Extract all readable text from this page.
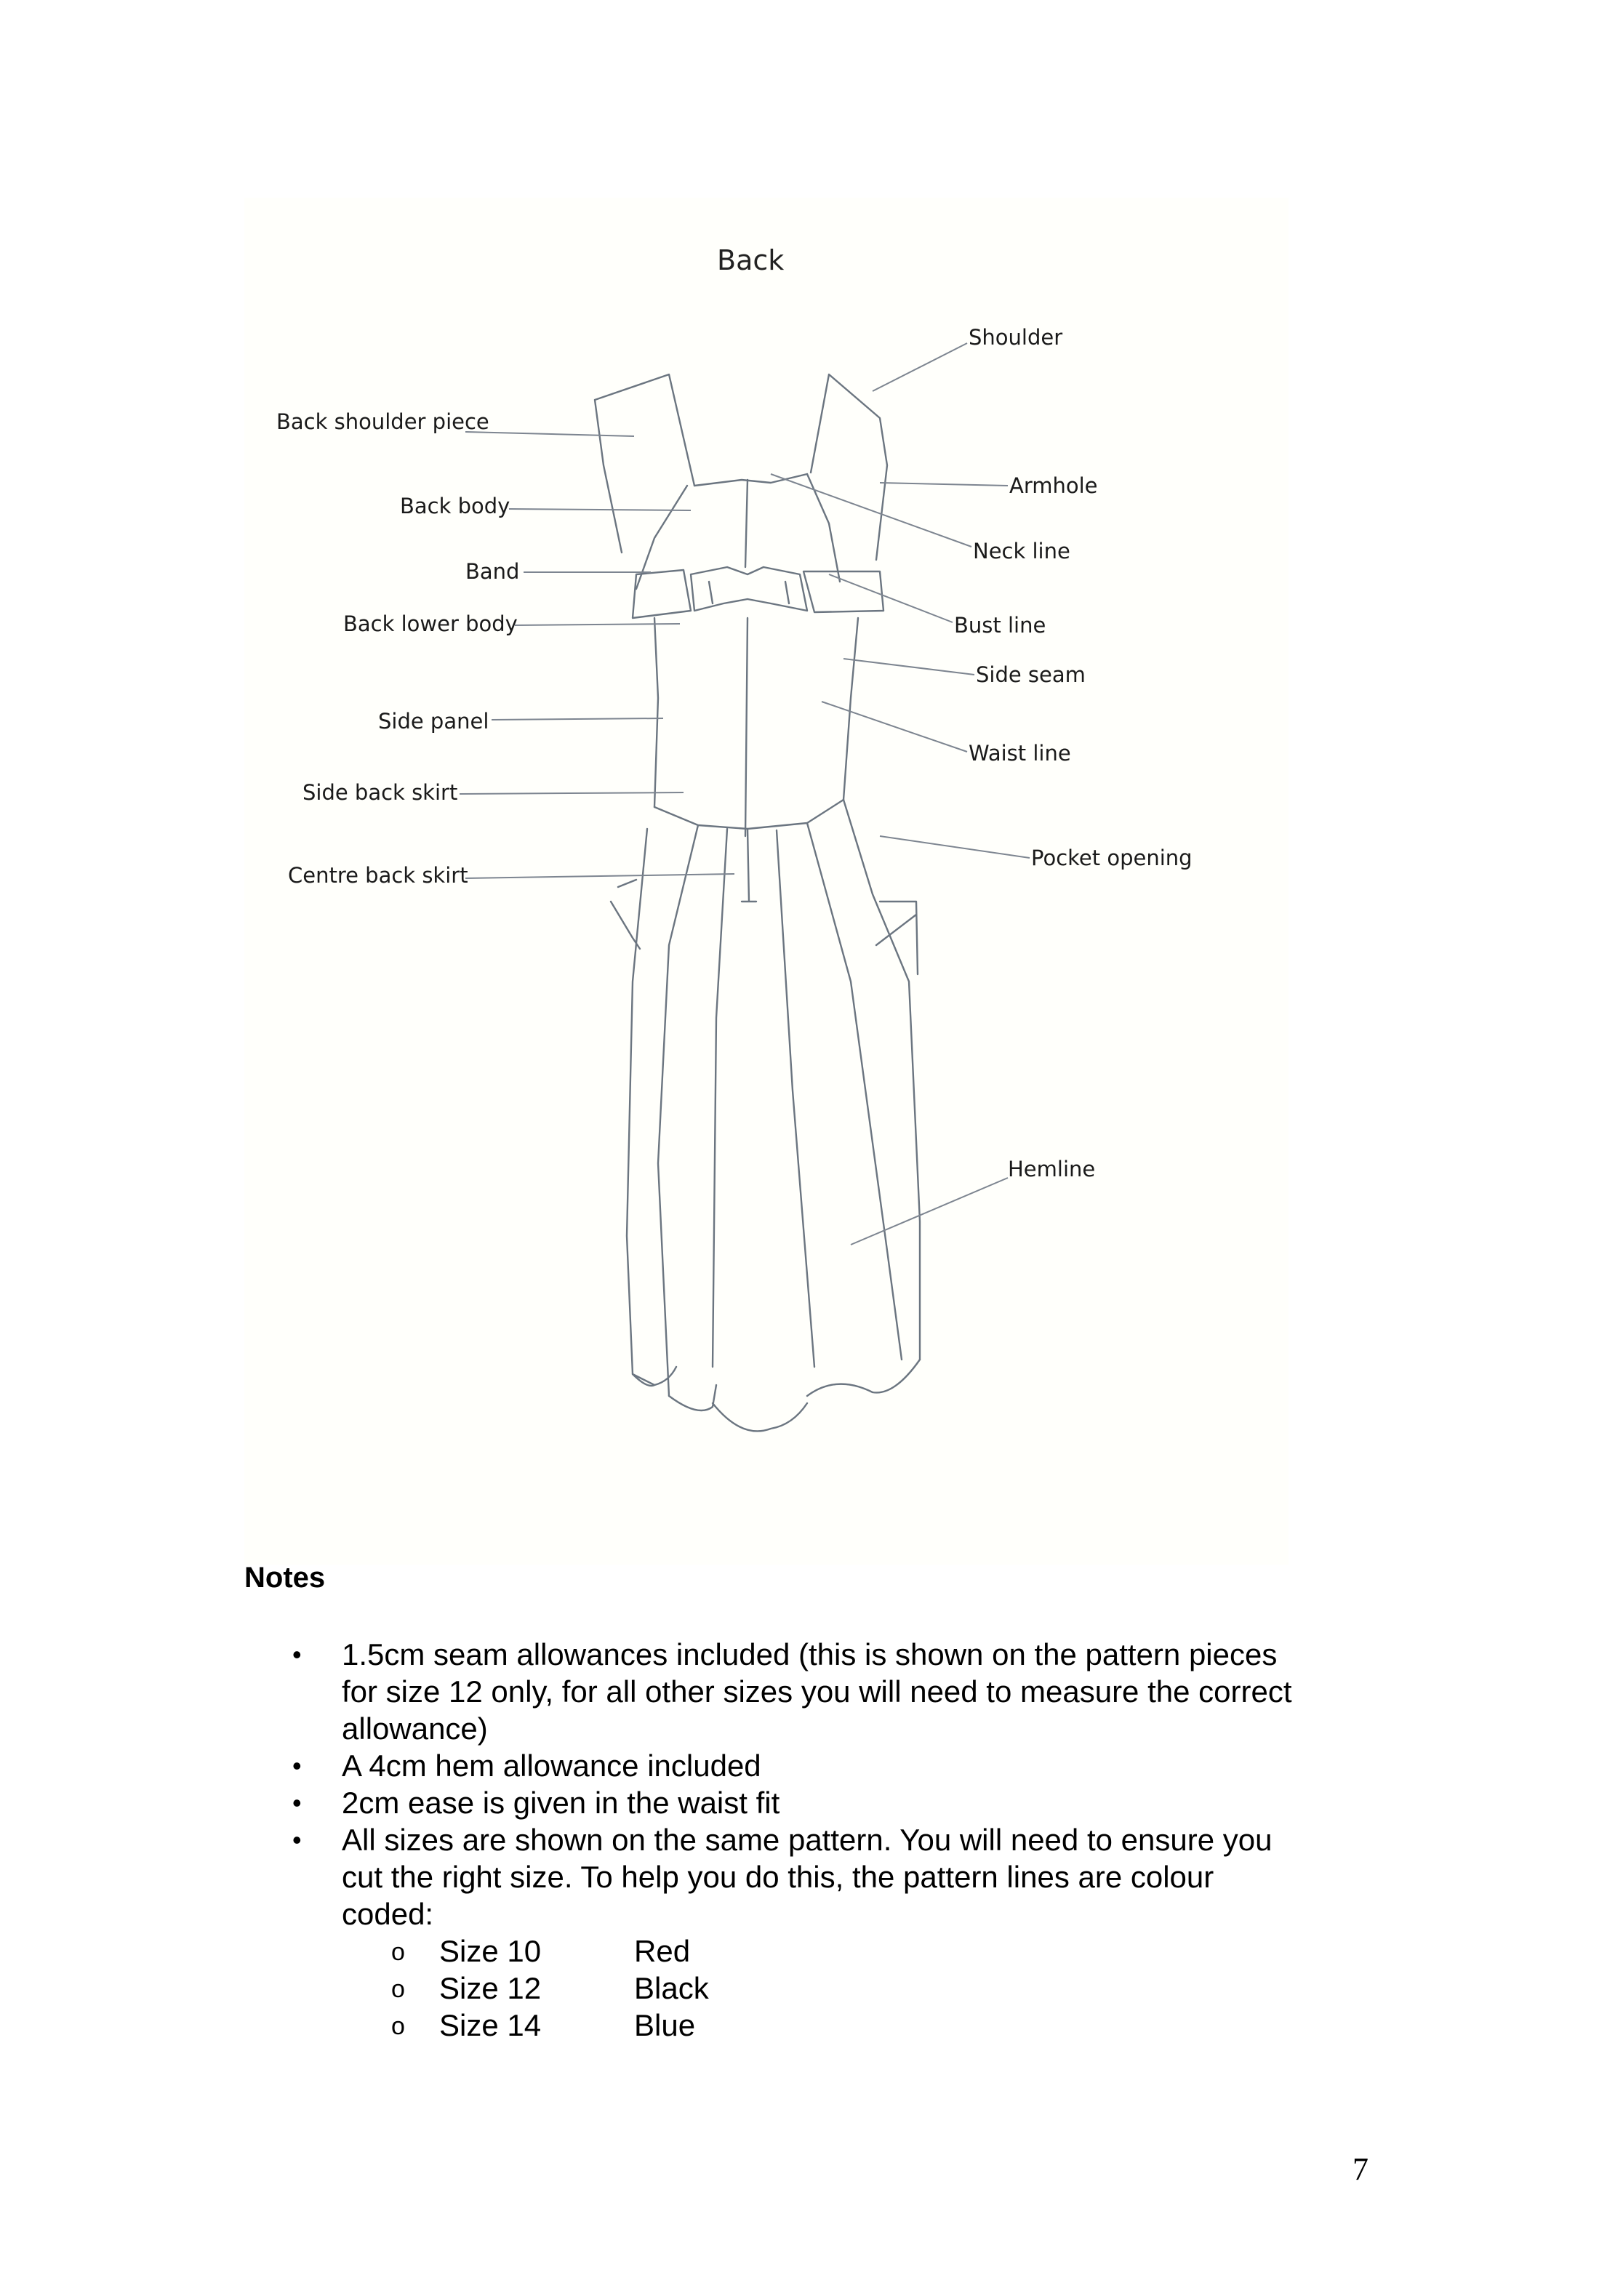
Back
Back shoulder piece
Back body
Band
Back lower body
Side panel
Side back skirt
Centre back skirt
Shoulder
Armhole
Neck line
Bust line
Side seam
Waist line
Pocket opening
Hemline
Notes
• 1.5cm seam allowances included (this is shown on the pattern pieces
for size 12 only, for all other sizes you will need to measure the correct
allowance)
• A 4cm hem allowance included
• 2cm ease is given in the waist fit
• All sizes are shown on the same pattern. You will need to ensure you
cut the right size. To help you do this, the pattern lines are colour
coded:
o Size 10	Red
o Size 12	Black
o Size 14	Blue
7
